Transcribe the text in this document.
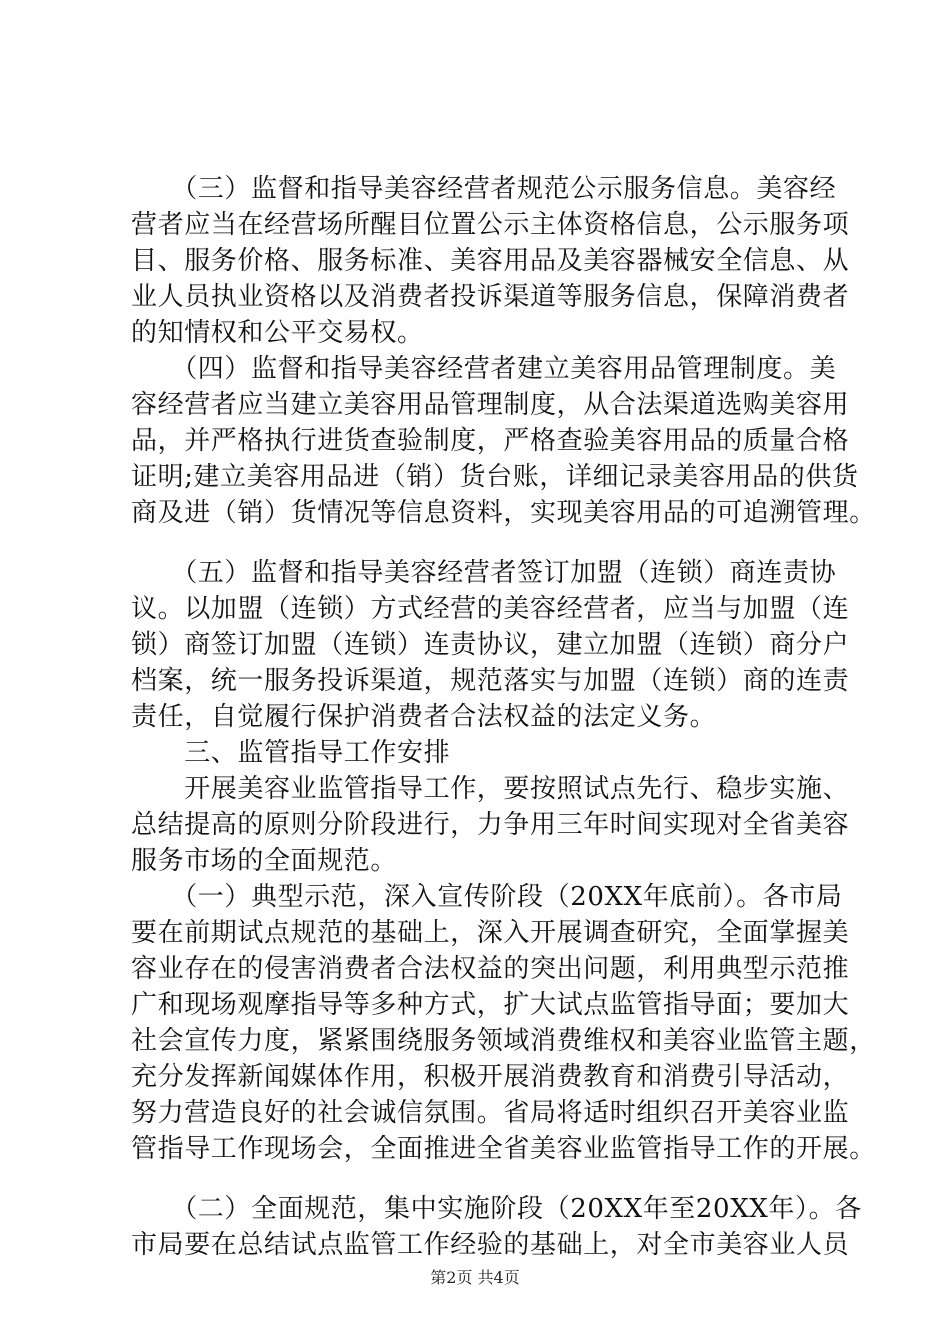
　　（三）监督和指导美容经营者规范公示服务信息。美容经
营者应当在经营场所醒目位置公示主体资格信息，公示服务项
目、服务价格、服务标准、美容用品及美容器械安全信息、从
业人员执业资格以及消费者投诉渠道等服务信息，保障消费者
的知情权和公平交易权。
　　（四）监督和指导美容经营者建立美容用品管理制度。美
容经营者应当建立美容用品管理制度，从合法渠道选购美容用
品，并严格执行进货查验制度，严格查验美容用品的质量合格
证明;建立美容用品进（销）货台账，详细记录美容用品的供货
商及进（销）货情况等信息资料，实现美容用品的可追溯管理。
　　（五）监督和指导美容经营者签订加盟（连锁）商连责协
议。以加盟（连锁）方式经营的美容经营者，应当与加盟（连
锁）商签订加盟（连锁）连责协议，建立加盟（连锁）商分户
档案，统一服务投诉渠道，规范落实与加盟（连锁）商的连责
责任，自觉履行保护消费者合法权益的法定义务。
　　三、监管指导工作安排
　　开展美容业监管指导工作，要按照试点先行、稳步实施、
总结提高的原则分阶段进行，力争用三年时间实现对全省美容
服务市场的全面规范。
　　（一）典型示范，深入宣传阶段（20XX年底前）。各市局
要在前期试点规范的基础上，深入开展调查研究，全面掌握美
容业存在的侵害消费者合法权益的突出问题，利用典型示范推
广和现场观摩指导等多种方式，扩大试点监管指导面；要加大
社会宣传力度，紧紧围绕服务领域消费维权和美容业监管主题，
充分发挥新闻媒体作用，积极开展消费教育和消费引导活动，
努力营造良好的社会诚信氛围。省局将适时组织召开美容业监
管指导工作现场会，全面推进全省美容业监管指导工作的开展。
　　（二）全面规范，集中实施阶段（20XX年至20XX年）。各
市局要在总结试点监管工作经验的基础上，对全市美容业人员
第2页 共4页
